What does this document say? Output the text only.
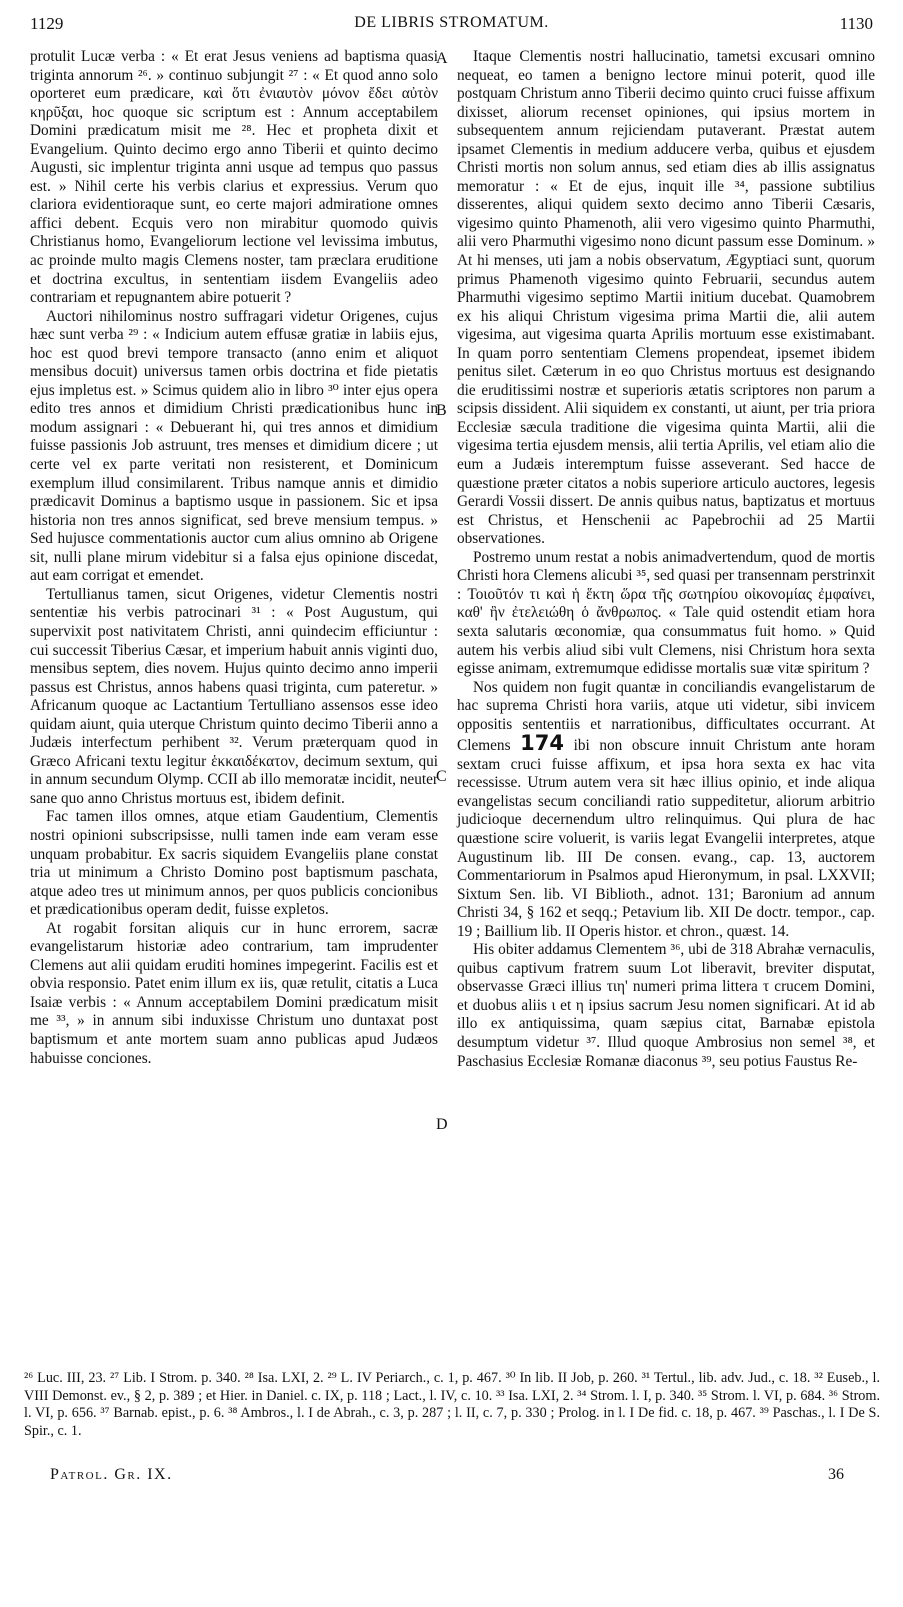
1129	DE LIBRIS STROMATUM.	1130

protulit Lucæ verba : « Et erat Jesus veniens ad baptisma quasi triginta annorum ²⁶. » continuo subjungit ²⁷ : « Et quod anno solo oporteret eum prædicare, καὶ ὅτι ἐνιαυτὸν μόνον ἔδει αὐτὸν κηρῦξαι, hoc quoque sic scriptum est : Annum acceptabilem Domini prædicatum misit me ²⁸. Hec et propheta dixit et Evangelium. Quinto decimo ergo anno Tiberii et quinto decimo Augusti, sic implentur triginta anni usque ad tempus quo passus est. » Nihil certe his verbis clarius et expressius. Verum quo clariora evidentioraque sunt, eo certe majori admiratione omnes affici debent. Ecquis vero non mirabitur quomodo quivis Christianus homo, Evangeliorum lectione vel levissima imbutus, ac proinde multo magis Clemens noster, tam præclara eruditione et doctrina excultus, in sententiam iisdem Evangeliis adeo contrariam et repugnantem abire potuerit ?

Auctori nihilominus nostro suffragari videtur Origenes, cujus hæc sunt verba ²⁹ : « Indicium autem effusæ gratiæ in labiis ejus, hoc est quod brevi tempore transacto (anno enim et aliquot mensibus docuit) universus tamen orbis doctrina et fide pietatis ejus impletus est. » Scimus quidem alio in libro ³⁰ inter ejus opera edito tres annos et dimidium Christi prædicationibus hunc in modum assignari : « Debuerant hi, qui tres annos et dimidium fuisse passionis Job astruunt, tres menses et dimidium dicere ; ut certe vel ex parte veritati non resisterent, et Dominicum exemplum illud consimilarent. Tribus namque annis et dimidio prædicavit Dominus a baptismo usque in passionem. Sic et ipsa historia non tres annos significat, sed breve mensium tempus. » Sed hujusce commentationis auctor cum alius omnino ab Origene sit, nulli plane mirum videbitur si a falsa ejus opinione discedat, aut eam corrigat et emendet.

Tertullianus tamen, sicut Origenes, videtur Clementis nostri sententiæ his verbis patrocinari ³¹ : « Post Augustum, qui supervixit post nativitatem Christi, anni quindecim efficiuntur : cui successit Tiberius Cæsar, et imperium habuit annis viginti duo, mensibus septem, dies novem. Hujus quinto decimo anno imperii passus est Christus, annos habens quasi triginta, cum pateretur. » Africanum quoque ac Lactantium Tertulliano assensos esse ideo quidam aiunt, quia uterque Christum quinto decimo Tiberii anno a Judæis interfectum perhibent ³². Verum præterquam quod in Græco Africani textu legitur ἑκκαιδέκατον, decimum sextum, qui in annum secundum Olymp. CCII ab illo memoratæ incidit, neuter sane quo anno Christus mortuus est, ibidem definit.

Fac tamen illos omnes, atque etiam Gaudentium, Clementis nostri opinioni subscripsisse, nulli tamen inde eam veram esse unquam probabitur. Ex sacris siquidem Evangeliis plane constat tria ut minimum a Christo Domino post baptismum paschata, atque adeo tres ut minimum annos, per quos publicis concionibus et prædicationibus operam dedit, fuisse expletos.

At rogabit forsitan aliquis cur in hunc errorem, sacræ evangelistarum historiæ adeo contrarium, tam imprudenter Clemens aut alii quidam eruditi homines impegerint. Facilis est et obvia responsio. Patet enim illum ex iis, quæ retulit, citatis a Luca Isaiæ verbis : « Annum acceptabilem Domini prædicatum misit me ³³, » in annum sibi induxisse Christum uno duntaxat post baptismum et ante mortem suam anno publicas apud Judæos habuisse conciones.

A
B
C
D

Itaque Clementis nostri hallucinatio, tametsi excusari omnino nequeat, eo tamen a benigno lectore minui poterit, quod ille postquam Christum anno Tiberii decimo quinto cruci fuisse affixum dixisset, aliorum recenset opiniones, qui ipsius mortem in subsequentem annum rejiciendam putaverant. Præstat autem ipsamet Clementis in medium adducere verba, quibus et ejusdem Christi mortis non solum annus, sed etiam dies ab illis assignatus memoratur : « Et de ejus, inquit ille ³⁴, passione subtilius disserentes, aliqui quidem sexto decimo anno Tiberii Cæsaris, vigesimo quinto Phamenoth, alii vero vigesimo quinto Pharmuthi, alii vero Pharmuthi vigesimo nono dicunt passum esse Dominum. » At hi menses, uti jam a nobis observatum, Ægyptiaci sunt, quorum primus Phamenoth vigesimo quinto Februarii, secundus autem Pharmuthi vigesimo septimo Martii initium ducebat. Quamobrem ex his aliqui Christum vigesima prima Martii die, alii autem vigesima, aut vigesima quarta Aprilis mortuum esse existimabant. In quam porro sententiam Clemens propendeat, ipsemet ibidem penitus silet. Cæterum in eo quo Christus mortuus est designando die eruditissimi nostræ et superioris ætatis scriptores non parum a scipsis dissident. Alii siquidem ex constanti, ut aiunt, per tria priora Ecclesiæ sæcula traditione die vigesima quinta Martii, alii die vigesima tertia ejusdem mensis, alii tertia Aprilis, vel etiam alio die eum a Judæis interemptum fuisse asseverant. Sed hacce de quæstione præter citatos a nobis superiore articulo auctores, legesis Gerardi Vossii dissert. De annis quibus natus, baptizatus et mortuus est Christus, et Henschenii ac Papebrochii ad 25 Martii observationes.

Postremo unum restat a nobis animadvertendum, quod de mortis Christi hora Clemens alicubi ³⁵, sed quasi per transennam perstrinxit : Τοιοῦτόν τι καὶ ἡ ἕκτη ὥρα τῆς σωτηρίου οἰκονομίας ἐμφαίνει, καθ' ἣν ἐτελειώθη ὁ ἄνθρωπος. « Tale quid ostendit etiam hora sexta salutaris œconomiæ, qua consummatus fuit homo. » Quid autem his verbis aliud sibi vult Clemens, nisi Christum hora sexta egisse animam, extremumque edidisse mortalis suæ vitæ spiritum ?

Nos quidem non fugit quantæ in conciliandis evangelistarum de hac suprema Christi hora variis, atque uti videtur, sibi invicem oppositis sententiis et narrationibus, difficultates occurrant. At Clemens 174 ibi non obscure innuit Christum ante horam sextam cruci fuisse affixum, et ipsa hora sexta ex hac vita recessisse. Utrum autem vera sit hæc illius opinio, et inde aliqua evangelistas secum conciliandi ratio suppeditetur, aliorum arbitrio judicioque decernendum ultro relinquimus. Qui plura de hac quæstione scire voluerit, is variis legat Evangelii interpretes, atque Augustinum lib. III De consen. evang., cap. 13, auctorem Commentariorum in Psalmos apud Hieronymum, in psal. LXXVII; Sixtum Sen. lib. VI Biblioth., adnot. 131; Baronium ad annum Christi 34, § 162 et seqq.; Petavium lib. XII De doctr. tempor., cap. 19 ; Baillium lib. II Operis histor. et chron., quæst. 14.

His obiter addamus Clementem ³⁶, ubi de 318 Abrahæ vernaculis, quibus captivum fratrem suum Lot liberavit, breviter disputat, observasse Græci illius τιη' numeri prima littera τ crucem Domini, et duobus aliis ι et η ipsius sacrum Jesu nomen significari. At id ab illo ex antiquissima, quam sæpius citat, Barnabæ epistola desumptum videtur ³⁷. Illud quoque Ambrosius non semel ³⁸, et Paschasius Ecclesiæ Romanæ diaconus ³⁹, seu potius Faustus Re-

²⁶ Luc. III, 23. ²⁷ Lib. I Strom. p. 340. ²⁸ Isa. LXI, 2. ²⁹ L. IV Periarch., c. 1, p. 467. ³⁰ In lib. II Job, p. 260. ³¹ Tertul., lib. adv. Jud., c. 18. ³² Euseb., l. VIII Demonst. ev., § 2, p. 389 ; et Hier. in Daniel. c. IX, p. 118 ; Lact., l. IV, c. 10. ³³ Isa. LXI, 2. ³⁴ Strom. l. I, p. 340. ³⁵ Strom. l. VI, p. 684. ³⁶ Strom. l. VI, p. 656. ³⁷ Barnab. epist., p. 6. ³⁸ Ambros., l. I de Abrah., c. 3, p. 287 ; l. II, c. 7, p. 330 ; Prolog. in l. I De fid. c. 18, p. 467. ³⁹ Paschas., l. I De S. Spir., c. 1.
Patrol. Gr. IX.	36
